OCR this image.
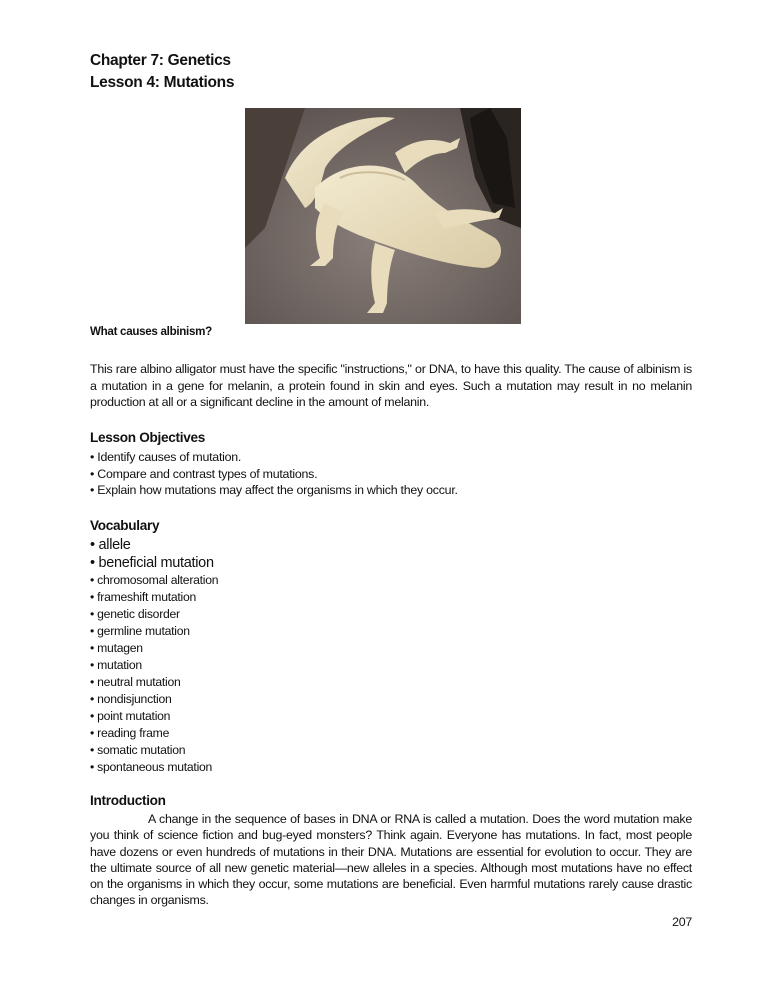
Chapter 7: Genetics
Lesson 4: Mutations
What causes albinism?
This rare albino alligator must have the specific "instructions," or DNA, to have this quality. The cause of albinism is a mutation in a gene for melanin, a protein found in skin and eyes. Such a mutation may result in no melanin production at all or a significant decline in the amount of melanin.
Lesson Objectives
• Identify causes of mutation.
• Compare and contrast types of mutations.
• Explain how mutations may affect the organisms in which they occur.
Vocabulary
• allele
• beneficial mutation
• chromosomal alteration
• frameshift mutation
• genetic disorder
• germline mutation
• mutagen
• mutation
• neutral mutation
• nondisjunction
• point mutation
• reading frame
• somatic mutation
• spontaneous mutation
Introduction
A change in the sequence of bases in DNA or RNA is called a mutation. Does the word mutation make you think of science fiction and bug-eyed monsters? Think again. Everyone has mutations. In fact, most people have dozens or even hundreds of mutations in their DNA. Mutations are essential for evolution to occur. They are the ultimate source of all new genetic material—new alleles in a species. Although most mutations have no effect on the organisms in which they occur, some mutations are beneficial. Even harmful mutations rarely cause drastic changes in organisms.
207
